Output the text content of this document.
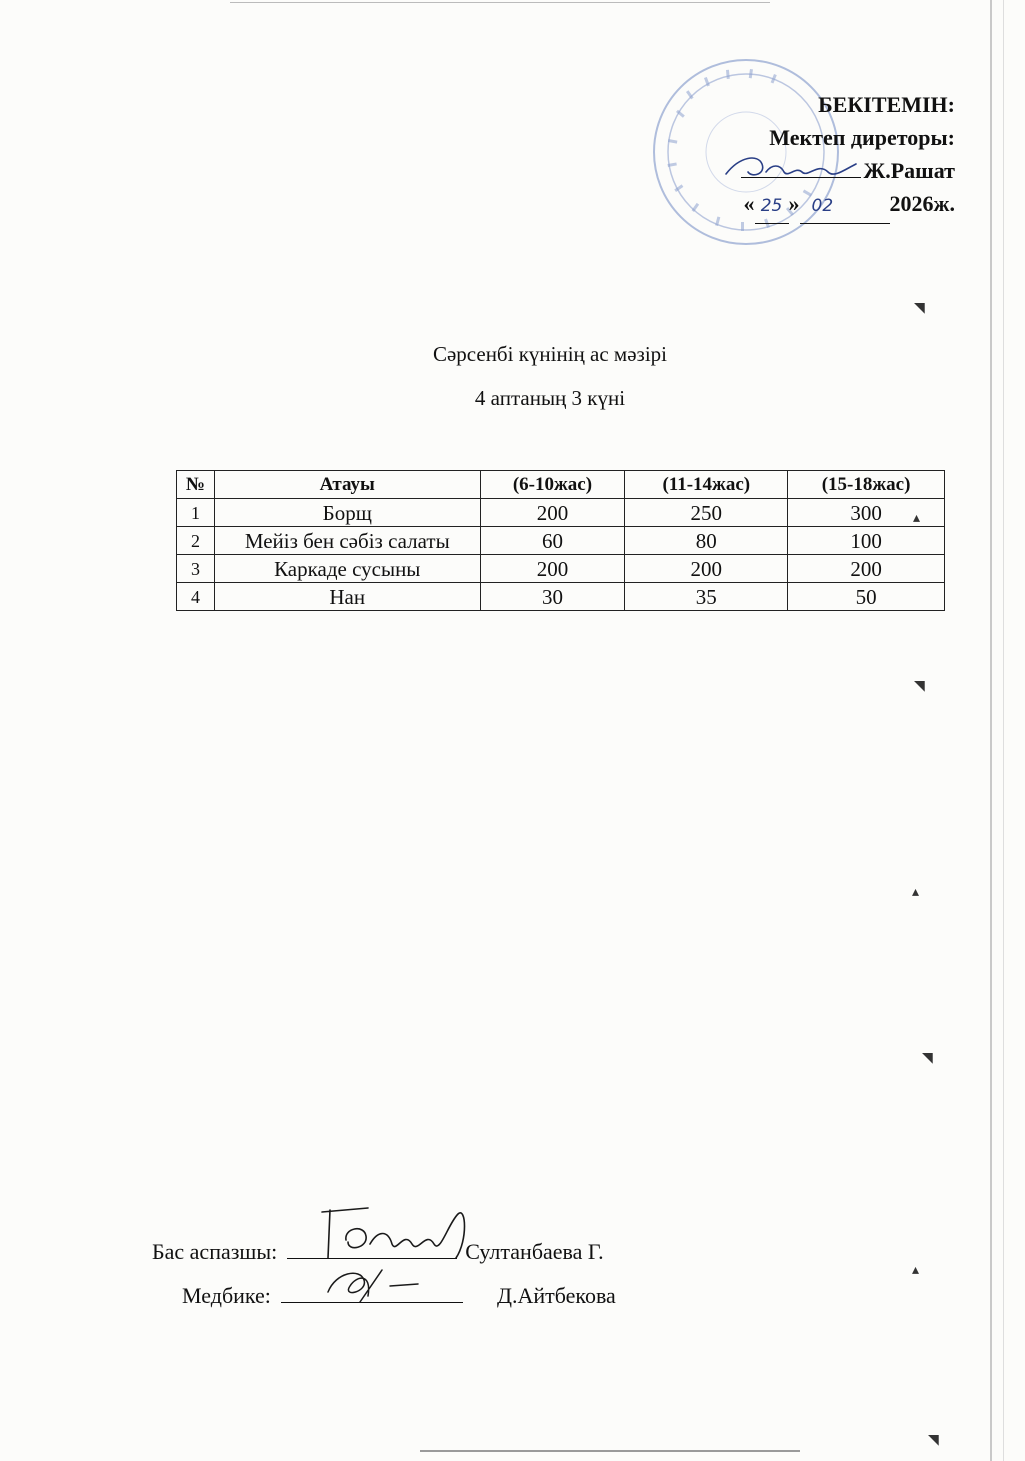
БЕКІТЕМІН:
Мектеп диреторы:
Ж.Рашат
« 25 » 02	2026ж.
Сәрсенбі күнінің ас мәзірі
4 аптаның 3 күні
№	Атауы	(6-10жас)	(11-14жас)	(15-18жас)
1	Борщ	200	250	300
2	Мейіз бен сәбіз салаты	60	80	100
3	Каркаде сусыны	200	200	200
4	Нан	30	35	50
Бас аспазшы:	Султанбаева Г.
Медбике:	Д.Айтбекова
◥
▴
◥
▴
◥
▴
◥
